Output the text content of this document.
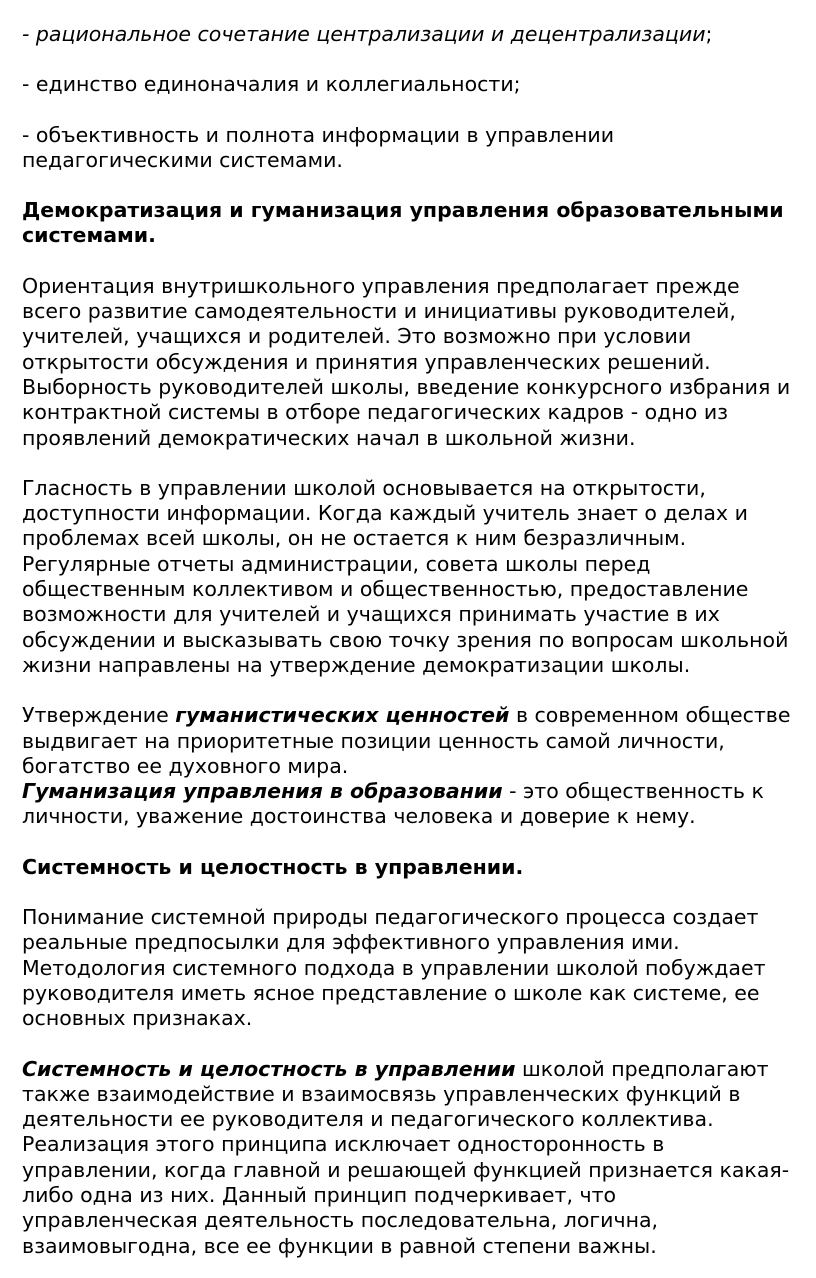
- рациональное сочетание централизации и децентрализации;

- единство единоначалия и коллегиальности;

- объективность и полнота информации в управлении педагогическими системами.

Демократизация и гуманизация управления образовательными системами.

Ориентация внутришкольного управления предполагает прежде всего развитие самодеятельности и инициативы руководителей, учителей, учащихся и родителей. Это возможно при условии открытости обсуждения и принятия управленческих решений. Выборность руководителей школы, введение конкурсного избрания и контрактной системы в отборе педагогических кадров - одно из проявлений демократических начал в школьной жизни.

Гласность в управлении школой основывается на открытости, доступности информации. Когда каждый учитель знает о делах и проблемах всей школы, он не остается к ним безразличным. Регулярные отчеты администрации, совета школы перед общественным коллективом и общественностью, предоставление возможности для учителей и учащихся принимать участие в их обсуждении и высказывать свою точку зрения по вопросам школьной жизни направлены на утверждение демократизации школы.

Утверждение гуманистических ценностей в современном обществе выдвигает на приоритетные позиции ценность самой личности, богатство ее духовного мира.

Гуманизация управления в образовании - это общественность к личности, уважение достоинства человека и доверие к нему.

Системность и целостность в управлении.

Понимание системной природы педагогического процесса создает реальные предпосылки для эффективного управления ими. Методология системного подхода в управлении школой побуждает руководителя иметь ясное представление о школе как системе, ее основных признаках.

Системность и целостность в управлении школой предполагают также взаимодействие и взаимосвязь управленческих функций в деятельности ее руководителя и педагогического коллектива. Реализация этого принципа исключает односторонность в управлении, когда главной и решающей функцией признается какая-либо одна из них. Данный принцип подчеркивает, что управленческая деятельность последовательна, логична, взаимовыгодна, все ее функции в равной степени важны.
